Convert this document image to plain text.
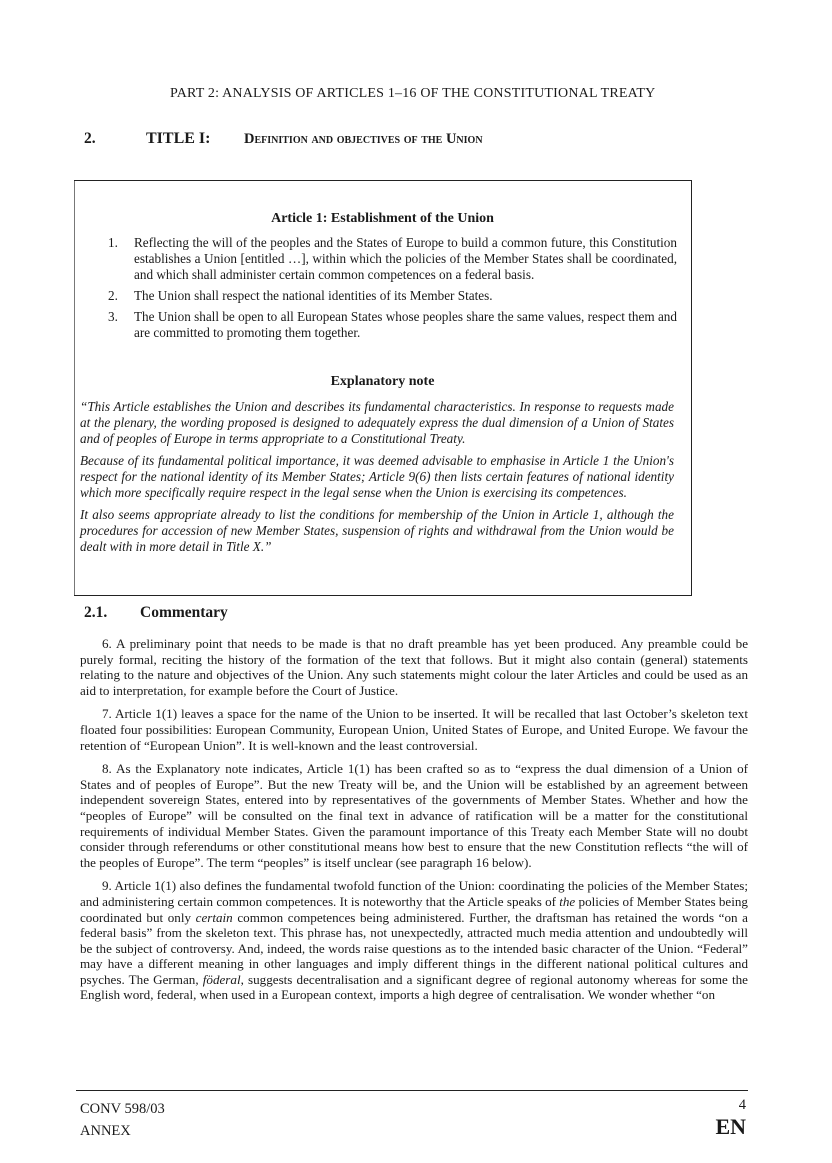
PART 2: ANALYSIS OF ARTICLES 1–16 OF THE CONSTITUTIONAL TREATY
2.	TITLE I: Definition and objectives of the Union
Article 1: Establishment of the Union
1. Reflecting the will of the peoples and the States of Europe to build a common future, this Constitution establishes a Union [entitled …], within which the policies of the Member States shall be coordinated, and which shall administer certain common competences on a federal basis.
2. The Union shall respect the national identities of its Member States.
3. The Union shall be open to all European States whose peoples share the same values, respect them and are committed to promoting them together.
Explanatory note

“This Article establishes the Union and describes its fundamental characteristics. In response to requests made at the plenary, the wording proposed is designed to adequately express the dual dimension of a Union of States and of peoples of Europe in terms appropriate to a Constitutional Treaty.

Because of its fundamental political importance, it was deemed advisable to emphasise in Article 1 the Union's respect for the national identity of its Member States; Article 9(6) then lists certain features of national identity which more specifically require respect in the legal sense when the Union is exercising its competences.

It also seems appropriate already to list the conditions for membership of the Union in Article 1, although the procedures for accession of new Member States, suspension of rights and withdrawal from the Union would be dealt with in more detail in Title X.”

2.1. Commentary

6. A preliminary point that needs to be made is that no draft preamble has yet been produced. Any preamble could be purely formal, reciting the history of the formation of the text that follows. But it might also contain (general) statements relating to the nature and objectives of the Union. Any such statements might colour the later Articles and could be used as an aid to interpretation, for example before the Court of Justice.

7. Article 1(1) leaves a space for the name of the Union to be inserted. It will be recalled that last October’s skeleton text floated four possibilities: European Community, European Union, United States of Europe, and United Europe. We favour the retention of “European Union”. It is well-known and the least controversial.

8. As the Explanatory note indicates, Article 1(1) has been crafted so as to “express the dual dimension of a Union of States and of peoples of Europe”. But the new Treaty will be, and the Union will be established by an agreement between independent sovereign States, entered into by representatives of the governments of Member States. Whether and how the “peoples of Europe” will be consulted on the final text in advance of ratification will be a matter for the constitutional requirements of individual Member States. Given the paramount importance of this Treaty each Member State will no doubt consider through referendums or other constitutional means how best to ensure that the new Constitution reflects “the will of the peoples of Europe”. The term “peoples” is itself unclear (see paragraph 16 below).

9. Article 1(1) also defines the fundamental twofold function of the Union: coordinating the policies of the Member States; and administering certain common competences. It is noteworthy that the Article speaks of the policies of Member States being coordinated but only certain common competences being administered. Further, the draftsman has retained the words “on a federal basis” from the skeleton text. This phrase has, not unexpectedly, attracted much media attention and undoubtedly will be the subject of controversy. And, indeed, the words raise questions as to the intended basic character of the Union. “Federal” may have a different meaning in other languages and imply different things in the different national political cultures and psyches. The German, föderal, suggests decentralisation and a significant degree of regional autonomy whereas for some the English word, federal, when used in a European context, imports a high degree of centralisation. We wonder whether “on

CONV 598/03
ANNEX
4
EN
